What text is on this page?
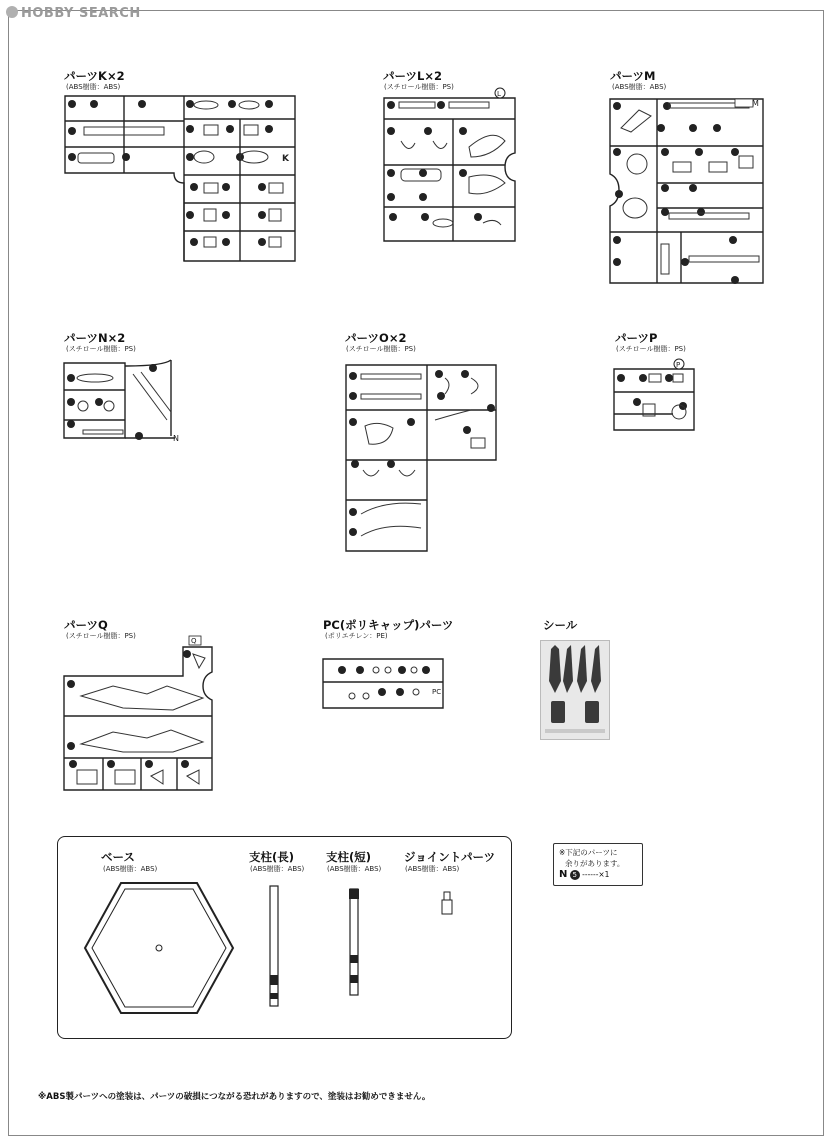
HOBBY SEARCH
パーツK×2
(ABS樹脂：ABS)
K
パーツL×2
(スチロール樹脂：PS)
L
パーツM
(ABS樹脂：ABS)
M
パーツN×2
(スチロール樹脂：PS)
N
パーツO×2
(スチロール樹脂：PS)
パーツP
(スチロール樹脂：PS)
P
パーツQ
(スチロール樹脂：PS)
Q
PC(ポリキャップ)パーツ
(ポリエチレン：PE)
PC
シール
ベース
(ABS樹脂：ABS)
支柱(長)
(ABS樹脂：ABS)
支柱(短)
(ABS樹脂：ABS)
ジョイントパーツ
(ABS樹脂：ABS)
※下記のパーツに
余りがあります。
N 5 ------×1
※ABS製パーツへの塗装は、パーツの破損につながる恐れがありますので、塗装はお勧めできません。
